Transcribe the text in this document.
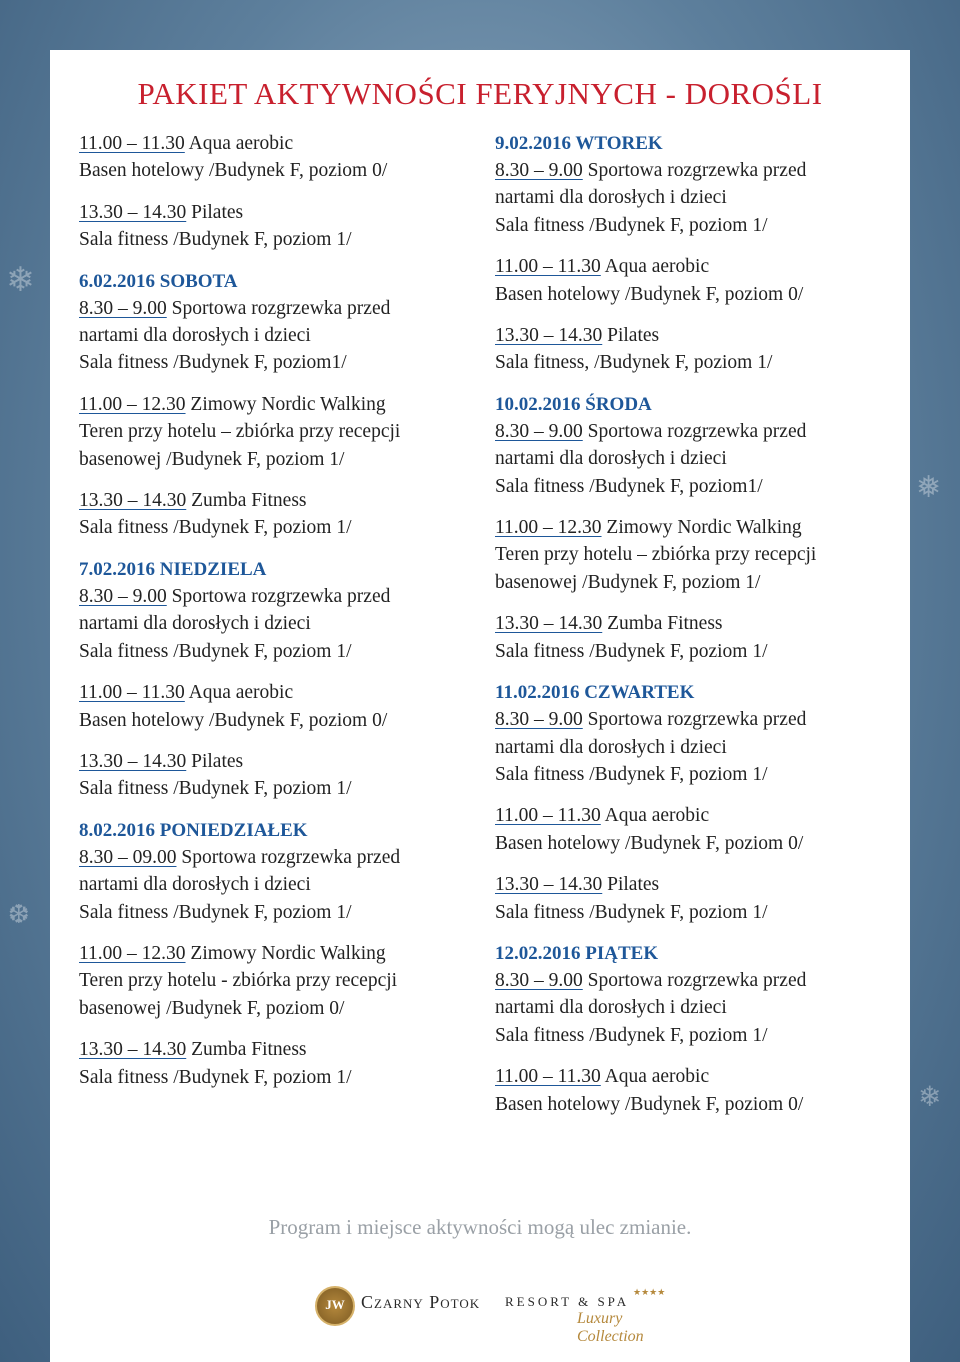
❄
❅
❆
❄
PAKIET AKTYWNOŚCI FERYJNYCH - DOROŚLI
11.00 – 11.30 Aqua aerobic
Basen hotelowy /Budynek F, poziom 0/
13.30 – 14.30 Pilates
Sala fitness /Budynek F, poziom 1/
6.02.2016 SOBOTA
8.30 – 9.00 Sportowa rozgrzewka przed
nartami dla dorosłych i dzieci
Sala fitness /Budynek F, poziom1/
11.00 – 12.30 Zimowy Nordic Walking
Teren przy hotelu – zbiórka przy recepcji
basenowej /Budynek F, poziom 1/
13.30 – 14.30 Zumba Fitness
Sala fitness /Budynek F, poziom 1/
7.02.2016 NIEDZIELA
8.30 – 9.00 Sportowa rozgrzewka przed
nartami dla dorosłych i dzieci
Sala fitness /Budynek F, poziom 1/
11.00 – 11.30 Aqua aerobic
Basen hotelowy /Budynek F, poziom 0/
13.30 – 14.30 Pilates
Sala fitness /Budynek F, poziom 1/
8.02.2016 PONIEDZIAŁEK
8.30 – 09.00 Sportowa rozgrzewka przed
nartami dla dorosłych i dzieci
Sala fitness /Budynek F, poziom 1/
11.00 – 12.30 Zimowy Nordic Walking
Teren przy hotelu - zbiórka przy recepcji
basenowej /Budynek F, poziom 0/
13.30 – 14.30 Zumba Fitness
Sala fitness /Budynek F, poziom 1/
9.02.2016 WTOREK
8.30 – 9.00 Sportowa rozgrzewka przed
nartami dla dorosłych i dzieci
Sala fitness /Budynek F, poziom 1/
11.00 – 11.30 Aqua aerobic
Basen hotelowy /Budynek F, poziom 0/
13.30 – 14.30 Pilates
Sala fitness, /Budynek F, poziom 1/
10.02.2016 ŚRODA
8.30 – 9.00 Sportowa rozgrzewka przed
nartami dla dorosłych i dzieci
Sala fitness /Budynek F, poziom1/
11.00 – 12.30 Zimowy Nordic Walking
Teren przy hotelu – zbiórka przy recepcji
basenowej /Budynek F, poziom 1/
13.30 – 14.30 Zumba Fitness
Sala fitness /Budynek F, poziom 1/
11.02.2016 CZWARTEK
8.30 – 9.00 Sportowa rozgrzewka przed
nartami dla dorosłych i dzieci
Sala fitness /Budynek F, poziom 1/
11.00 – 11.30 Aqua aerobic
Basen hotelowy /Budynek F, poziom 0/
13.30 – 14.30 Pilates
Sala fitness /Budynek F, poziom 1/
12.02.2016 PIĄTEK
8.30 – 9.00 Sportowa rozgrzewka przed
nartami dla dorosłych i dzieci
Sala fitness /Budynek F, poziom 1/
11.00 – 11.30 Aqua aerobic
Basen hotelowy /Budynek F, poziom 0/
Program i miejsce aktywności mogą ulec zmianie.
JW Czarny Potok RESORT & SPA
★★★★
Luxury Collection
